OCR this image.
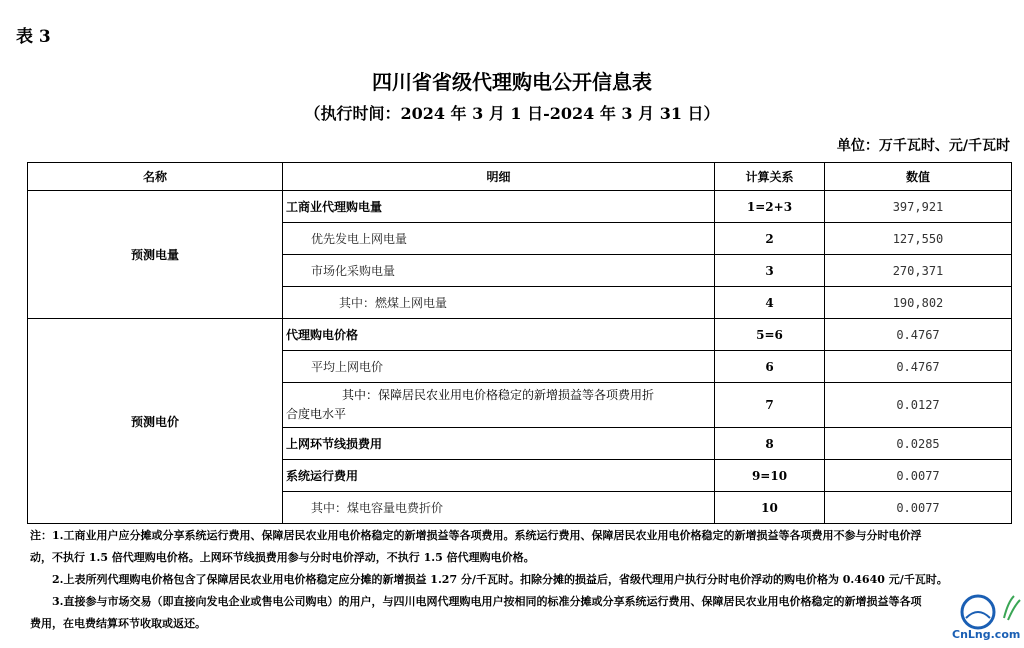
表 3
四川省省级代理购电公开信息表
（执行时间：2024 年 3 月 1 日-2024 年 3 月 31 日）
单位：万千瓦时、元/千瓦时
名称	明细	计算关系	数值
预测电量	工商业代理购电量	1=2+3	397,921
	优先发电上网电量	2	127,550
	市场化采购电量	3	270,371
	其中：燃煤上网电量	4	190,802
预测电价	代理购电价格	5=6	0.4767
	平均上网电价	6	0.4767

	其中：保障居民农业用电价格稳定的新增损益等各项费用折
合度电水平	7	0.0127
	上网环节线损费用	8	0.0285
	系统运行费用	9=10	0.0077
	其中：煤电容量电费折价	10	0.0077

注：1.工商业用户应分摊或分享系统运行费用、保障居民农业用电价格稳定的新增损益等各项费用。系统运行费用、保障居民农业用电价格稳定的新增损益等各项费用不参与分时电价浮

动，不执行 1.5 倍代理购电价格。上网环节线损费用参与分时电价浮动，不执行 1.5 倍代理购电价格。

2.上表所列代理购电价格包含了保障居民农业用电价格稳定应分摊的新增损益 1.27 分/千瓦时。扣除分摊的损益后，省级代理用户执行分时电价浮动的购电价格为 0.4640 元/千瓦时。

3.直接参与市场交易（即直接向发电企业或售电公司购电）的用户，与四川电网代理购电用户按相同的标准分摊或分享系统运行费用、保障居民农业用电价格稳定的新增损益等各项

费用，在电费结算环节收取或返还。

CnLng.com
